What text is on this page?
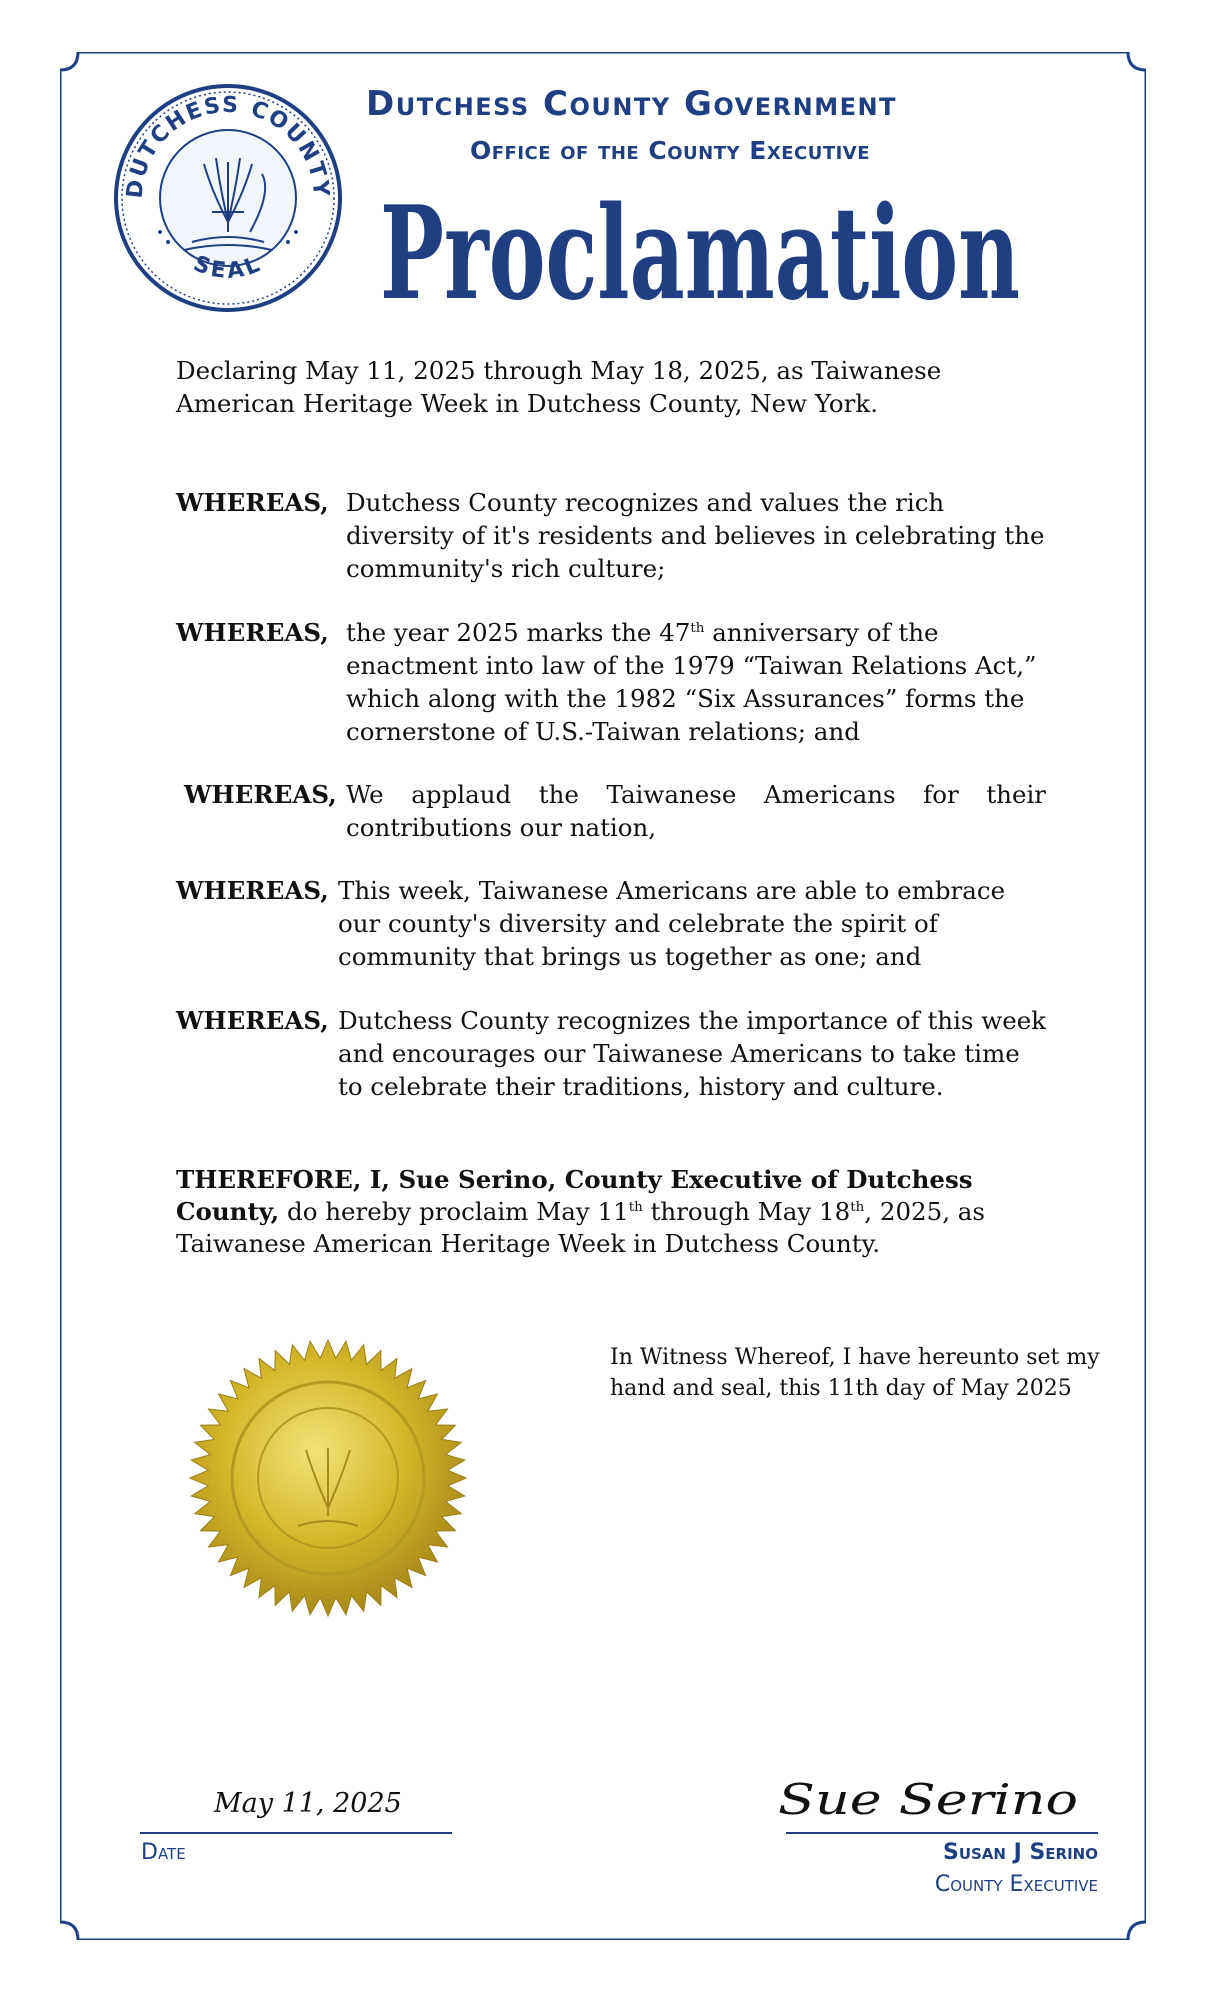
DUTCHESS COUNTY
SEAL
Dutchess County Government
Office of the County Executive
Proclamation
Declaring May 11, 2025 through May 18, 2025, as Taiwanese American Heritage Week in Dutchess County, New York.
WHEREAS, Dutchess County recognizes and values the rich diversity of it's residents and believes in celebrating the community's rich culture;
WHEREAS, the year 2025 marks the 47th anniversary of the enactment into law of the 1979 “Taiwan Relations Act,” which along with the 1982 “Six Assurances” forms the cornerstone of U.S.-Taiwan relations; and
WHEREAS, We applaud the Taiwanese Americans for their contributions our nation,
WHEREAS, This week, Taiwanese Americans are able to embrace our county's diversity and celebrate the spirit of community that brings us together as one; and
WHEREAS, Dutchess County recognizes the importance of this week and encourages our Taiwanese Americans to take time to celebrate their traditions, history and culture.
THEREFORE, I, Sue Serino, County Executive of Dutchess County, do hereby proclaim May 11th through May 18th, 2025, as Taiwanese American Heritage Week in Dutchess County.
In Witness Whereof, I have hereunto set my hand and seal, this 11th day of May 2025
May 11, 2025
Date
Sue Serino
Susan J Serino
County Executive
